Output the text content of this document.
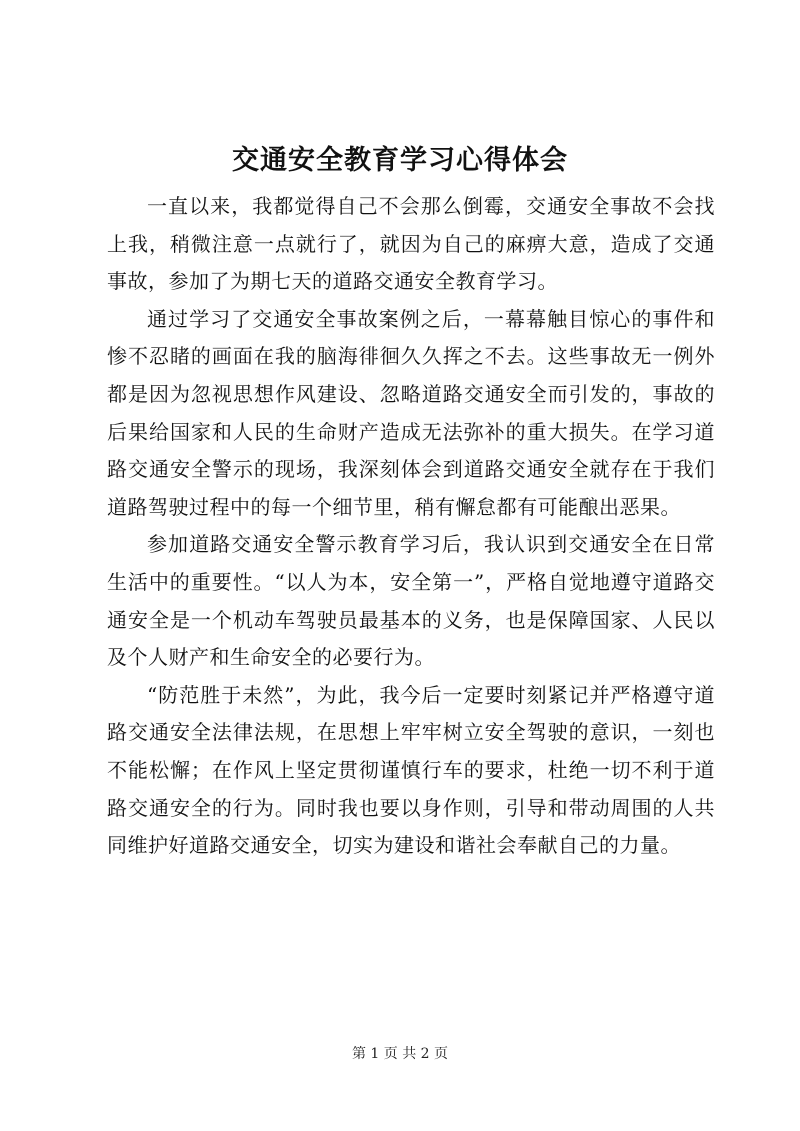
交通安全教育学习心得体会

一直以来，我都觉得自己不会那么倒霉，交通安全事故不会找上我，稍微注意一点就行了，就因为自己的麻痹大意，造成了交通事故，参加了为期七天的道路交通安全教育学习。

通过学习了交通安全事故案例之后，一幕幕触目惊心的事件和惨不忍睹的画面在我的脑海徘徊久久挥之不去。这些事故无一例外都是因为忽视思想作风建设、忽略道路交通安全而引发的，事故的后果给国家和人民的生命财产造成无法弥补的重大损失。在学习道路交通安全警示的现场，我深刻体会到道路交通安全就存在于我们道路驾驶过程中的每一个细节里，稍有懈怠都有可能酿出恶果。

参加道路交通安全警示教育学习后，我认识到交通安全在日常生活中的重要性。“以人为本，安全第一”，严格自觉地遵守道路交通安全是一个机动车驾驶员最基本的义务，也是保障国家、人民以及个人财产和生命安全的必要行为。

“防范胜于未然”，为此，我今后一定要时刻紧记并严格遵守道路交通安全法律法规，在思想上牢牢树立安全驾驶的意识，一刻也不能松懈；在作风上坚定贯彻谨慎行车的要求，杜绝一切不利于道路交通安全的行为。同时我也要以身作则，引导和带动周围的人共同维护好道路交通安全，切实为建设和谐社会奉献自己的力量。

第 1 页 共 2 页
